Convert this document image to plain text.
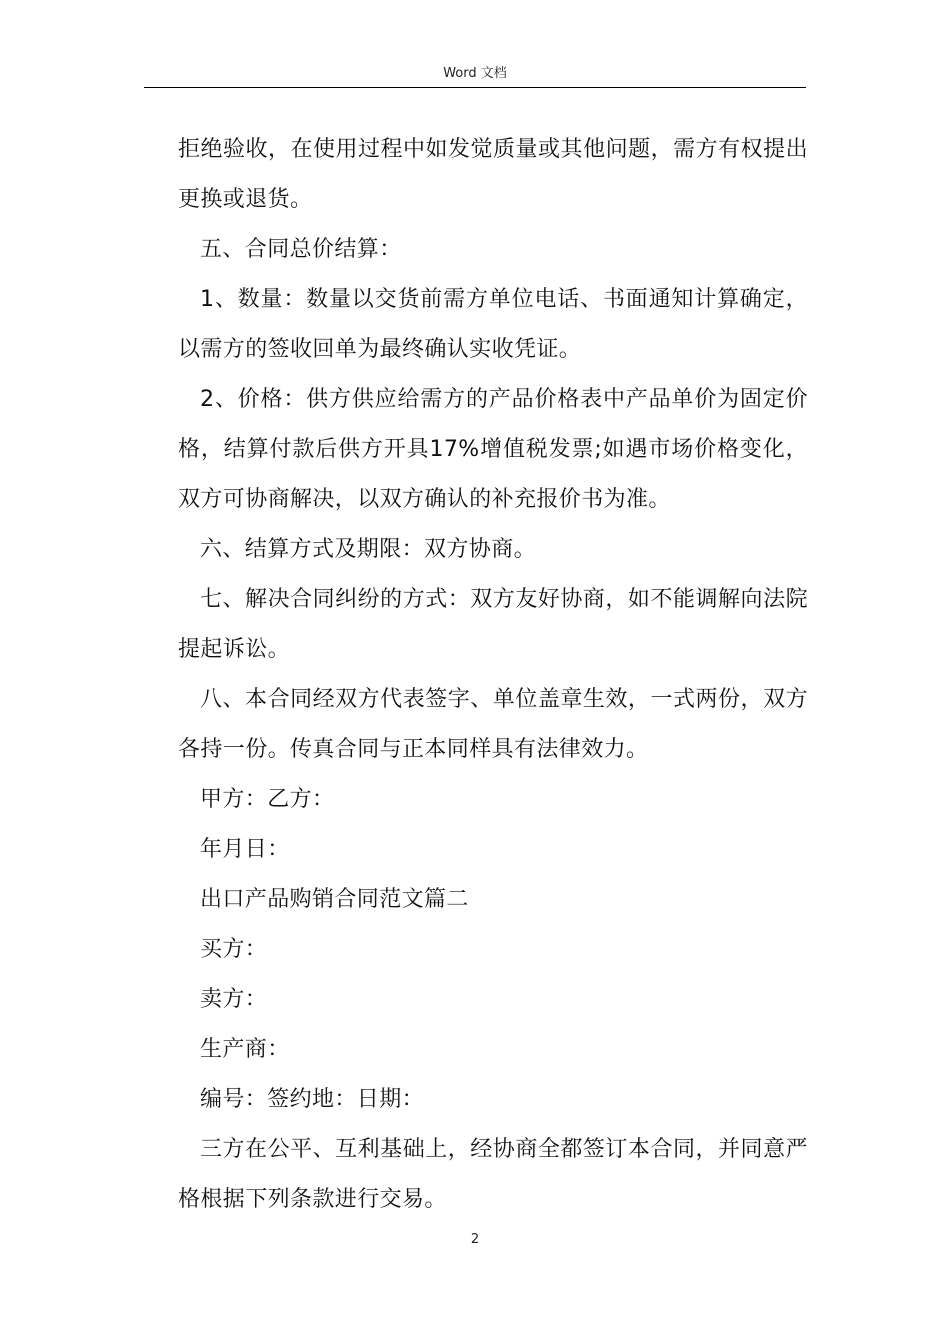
Word 文档

拒绝验收，在使用过程中如发觉质量或其他问题，需方有权提出更换或退货。

五、合同总价结算：

1、数量：数量以交货前需方单位电话、书面通知计算确定，以需方的签收回单为最终确认实收凭证。

2、价格：供方供应给需方的产品价格表中产品单价为固定价格，结算付款后供方开具17%增值税发票;如遇市场价格变化，双方可协商解决，以双方确认的补充报价书为准。

六、结算方式及期限：双方协商。

七、解决合同纠纷的方式：双方友好协商，如不能调解向法院提起诉讼。

八、本合同经双方代表签字、单位盖章生效，一式两份，双方各持一份。传真合同与正本同样具有法律效力。

甲方：乙方：

年月日：

出口产品购销合同范文篇二

买方：

卖方：

生产商：

编号：签约地：日期：

三方在公平、互利基础上，经协商全都签订本合同，并同意严格根据下列条款进行交易。

2
